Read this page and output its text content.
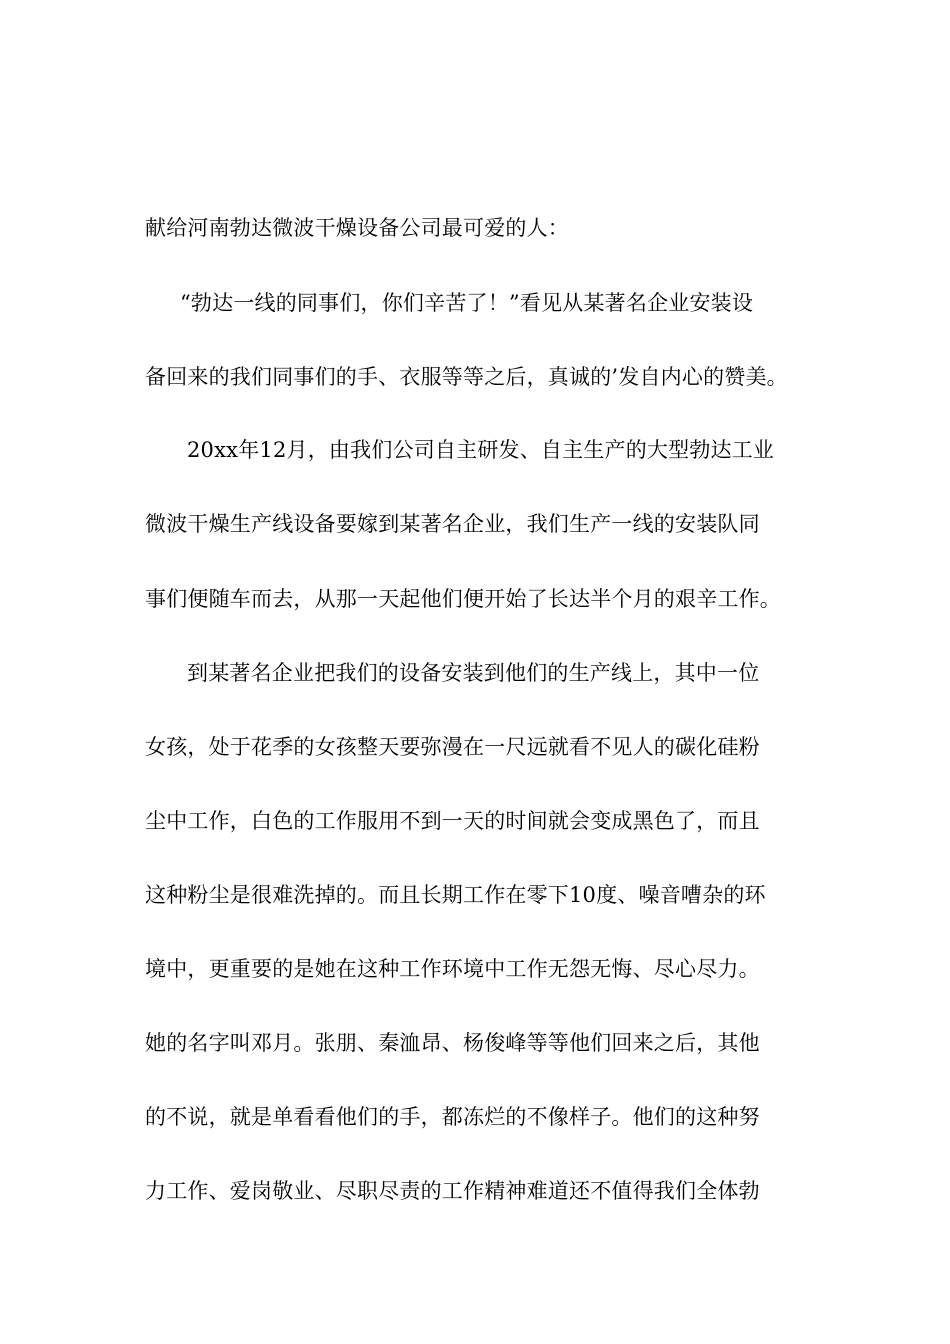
献给河南勃达微波干燥设备公司最可爱的人：
“勃达一线的同事们，你们辛苦了！”看见从某著名企业安装设
备回来的我们同事们的手、衣服等等之后，真诚的’发自内心的赞美。
20xx年12月，由我们公司自主研发、自主生产的大型勃达工业
微波干燥生产线设备要嫁到某著名企业，我们生产一线的安装队同
事们便随车而去，从那一天起他们便开始了长达半个月的艰辛工作。
到某著名企业把我们的设备安装到他们的生产线上，其中一位
女孩，处于花季的女孩整天要弥漫在一尺远就看不见人的碳化硅粉
尘中工作，白色的工作服用不到一天的时间就会变成黑色了，而且
这种粉尘是很难洗掉的。而且长期工作在零下10度、噪音嘈杂的环
境中，更重要的是她在这种工作环境中工作无怨无悔、尽心尽力。
她的名字叫邓月。张朋、秦洫昂、杨俊峰等等他们回来之后，其他
的不说，就是单看看他们的手，都冻烂的不像样子。他们的这种努
力工作、爱岗敬业、尽职尽责的工作精神难道还不值得我们全体勃
